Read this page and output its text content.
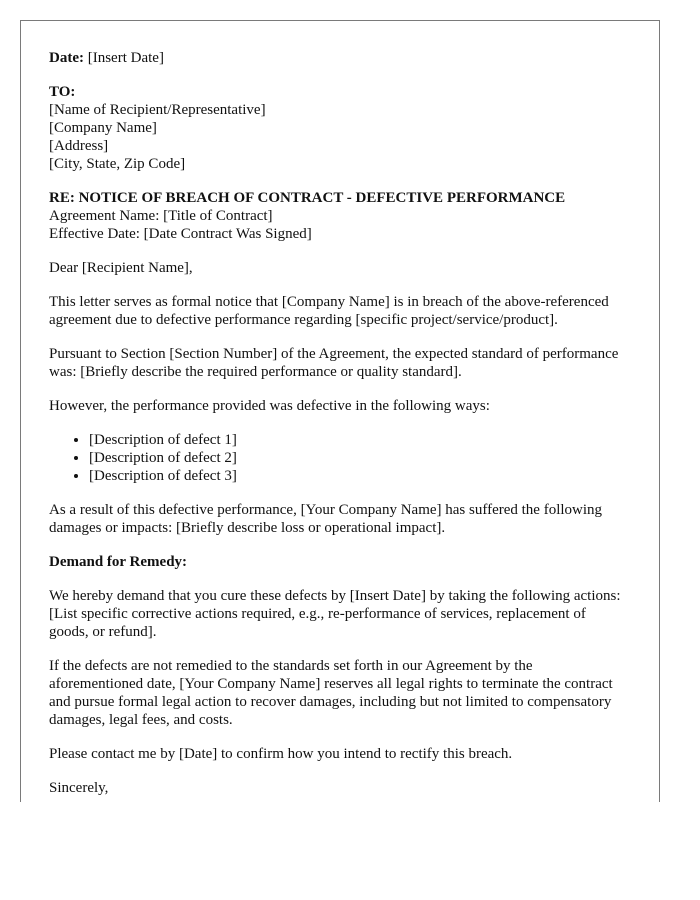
Date: [Insert Date]

TO:
[Name of Recipient/Representative]
[Company Name]
[Address]
[City, State, Zip Code]
RE: NOTICE OF BREACH OF CONTRACT - DEFECTIVE PERFORMANCE
Agreement Name: [Title of Contract]
Effective Date: [Date Contract Was Signed]

Dear [Recipient Name],

This letter serves as formal notice that [Company Name] is in breach of the above-referenced agreement due to defective performance regarding [specific project/service/product].

Pursuant to Section [Section Number] of the Agreement, the expected standard of performance was: [Briefly describe the required performance or quality standard].

However, the performance provided was defective in the following ways:

• [Description of defect 1]
• [Description of defect 2]
• [Description of defect 3]

As a result of this defective performance, [Your Company Name] has suffered the following damages or impacts: [Briefly describe loss or operational impact].

Demand for Remedy:

We hereby demand that you cure these defects by [Insert Date] by taking the following actions: [List specific corrective actions required, e.g., re-performance of services, replacement of goods, or refund].

If the defects are not remedied to the standards set forth in our Agreement by the aforementioned date, [Your Company Name] reserves all legal rights to terminate the contract and pursue formal legal action to recover damages, including but not limited to compensatory damages, legal fees, and costs.

Please contact me by [Date] to confirm how you intend to rectify this breach.

Sincerely,
